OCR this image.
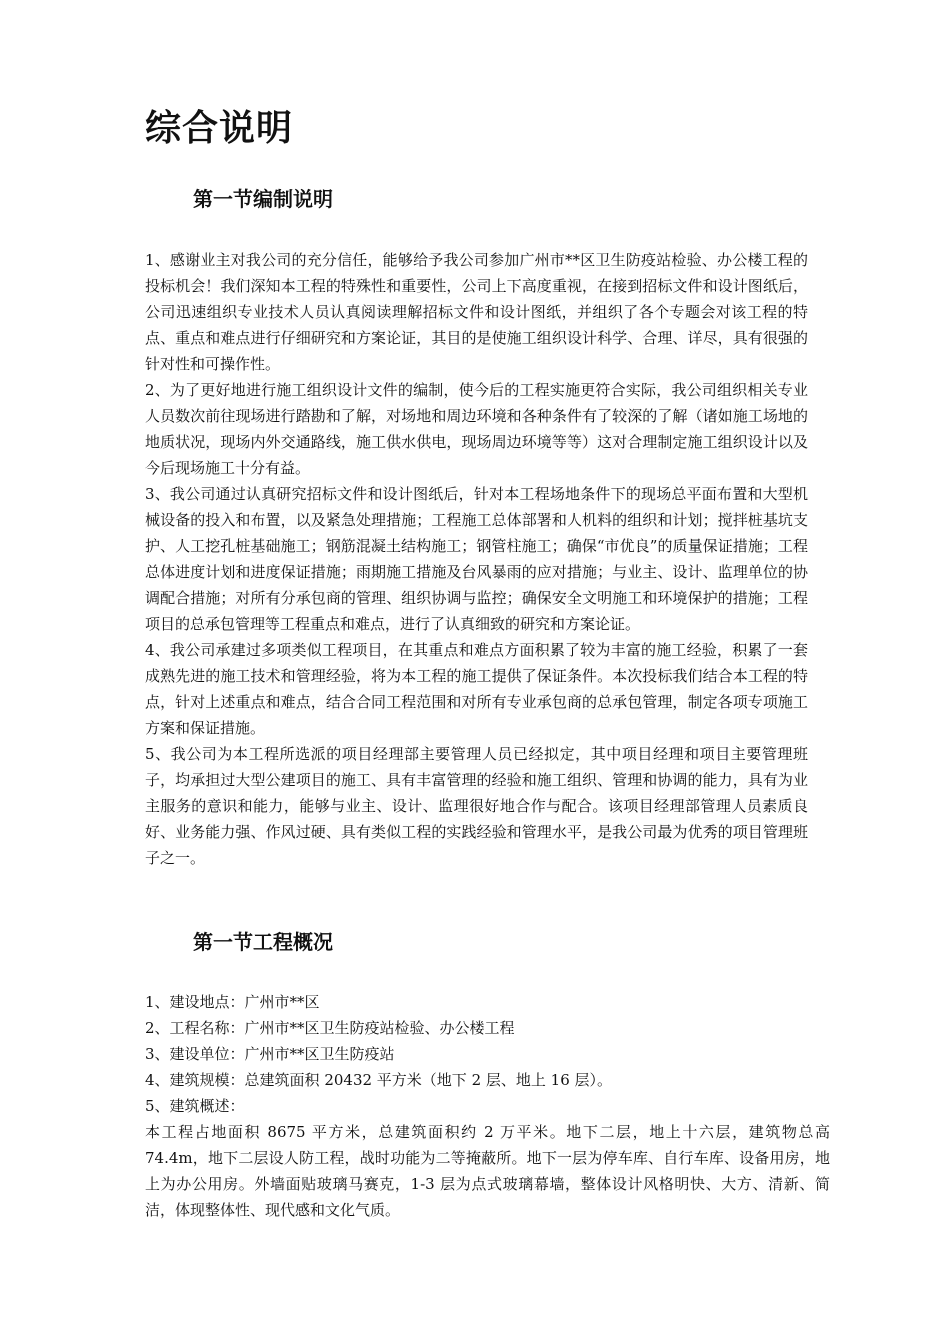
综合说明
第一节编制说明

1、感谢业主对我公司的充分信任，能够给予我公司参加广州市**区卫生防疫站检验、办公楼工程的投标机会！我们深知本工程的特殊性和重要性，公司上下高度重视，在接到招标文件和设计图纸后，公司迅速组织专业技术人员认真阅读理解招标文件和设计图纸，并组织了各个专题会对该工程的特点、重点和难点进行仔细研究和方案论证，其目的是使施工组织设计科学、合理、详尽，具有很强的针对性和可操作性。

2、为了更好地进行施工组织设计文件的编制，使今后的工程实施更符合实际，我公司组织相关专业人员数次前往现场进行踏勘和了解，对场地和周边环境和各种条件有了较深的了解（诸如施工场地的地质状况，现场内外交通路线，施工供水供电，现场周边环境等等）这对合理制定施工组织设计以及今后现场施工十分有益。

3、我公司通过认真研究招标文件和设计图纸后，针对本工程场地条件下的现场总平面布置和大型机械设备的投入和布置，以及紧急处理措施；工程施工总体部署和人机料的组织和计划；搅拌桩基坑支护、人工挖孔桩基础施工；钢筋混凝土结构施工；钢管柱施工；确保“市优良”的质量保证措施；工程总体进度计划和进度保证措施；雨期施工措施及台风暴雨的应对措施；与业主、设计、监理单位的协调配合措施；对所有分承包商的管理、组织协调与监控；确保安全文明施工和环境保护的措施；工程项目的总承包管理等工程重点和难点，进行了认真细致的研究和方案论证。

4、我公司承建过多项类似工程项目，在其重点和难点方面积累了较为丰富的施工经验，积累了一套成熟先进的施工技术和管理经验，将为本工程的施工提供了保证条件。本次投标我们结合本工程的特点，针对上述重点和难点，结合合同工程范围和对所有专业承包商的总承包管理，制定各项专项施工方案和保证措施。

5、我公司为本工程所选派的项目经理部主要管理人员已经拟定，其中项目经理和项目主要管理班子，均承担过大型公建项目的施工、具有丰富管理的经验和施工组织、管理和协调的能力，具有为业主服务的意识和能力，能够与业主、设计、监理很好地合作与配合。该项目经理部管理人员素质良好、业务能力强、作风过硬、具有类似工程的实践经验和管理水平，是我公司最为优秀的项目管理班子之一。

第一节工程概况

1、建设地点：广州市**区

2、工程名称：广州市**区卫生防疫站检验、办公楼工程

3、建设单位：广州市**区卫生防疫站

4、建筑规模：总建筑面积 20432 平方米（地下 2 层、地上 16 层）。

5、建筑概述：

本工程占地面积 8675 平方米，总建筑面积约 2 万平米。地下二层，地上十六层，建筑物总高 74.4m，地下二层设人防工程，战时功能为二等掩蔽所。地下一层为停车库、自行车库、设备用房，地上为办公用房。外墙面贴玻璃马赛克，1-3 层为点式玻璃幕墙，整体设计风格明快、大方、清新、简洁，体现整体性、现代感和文化气质。
